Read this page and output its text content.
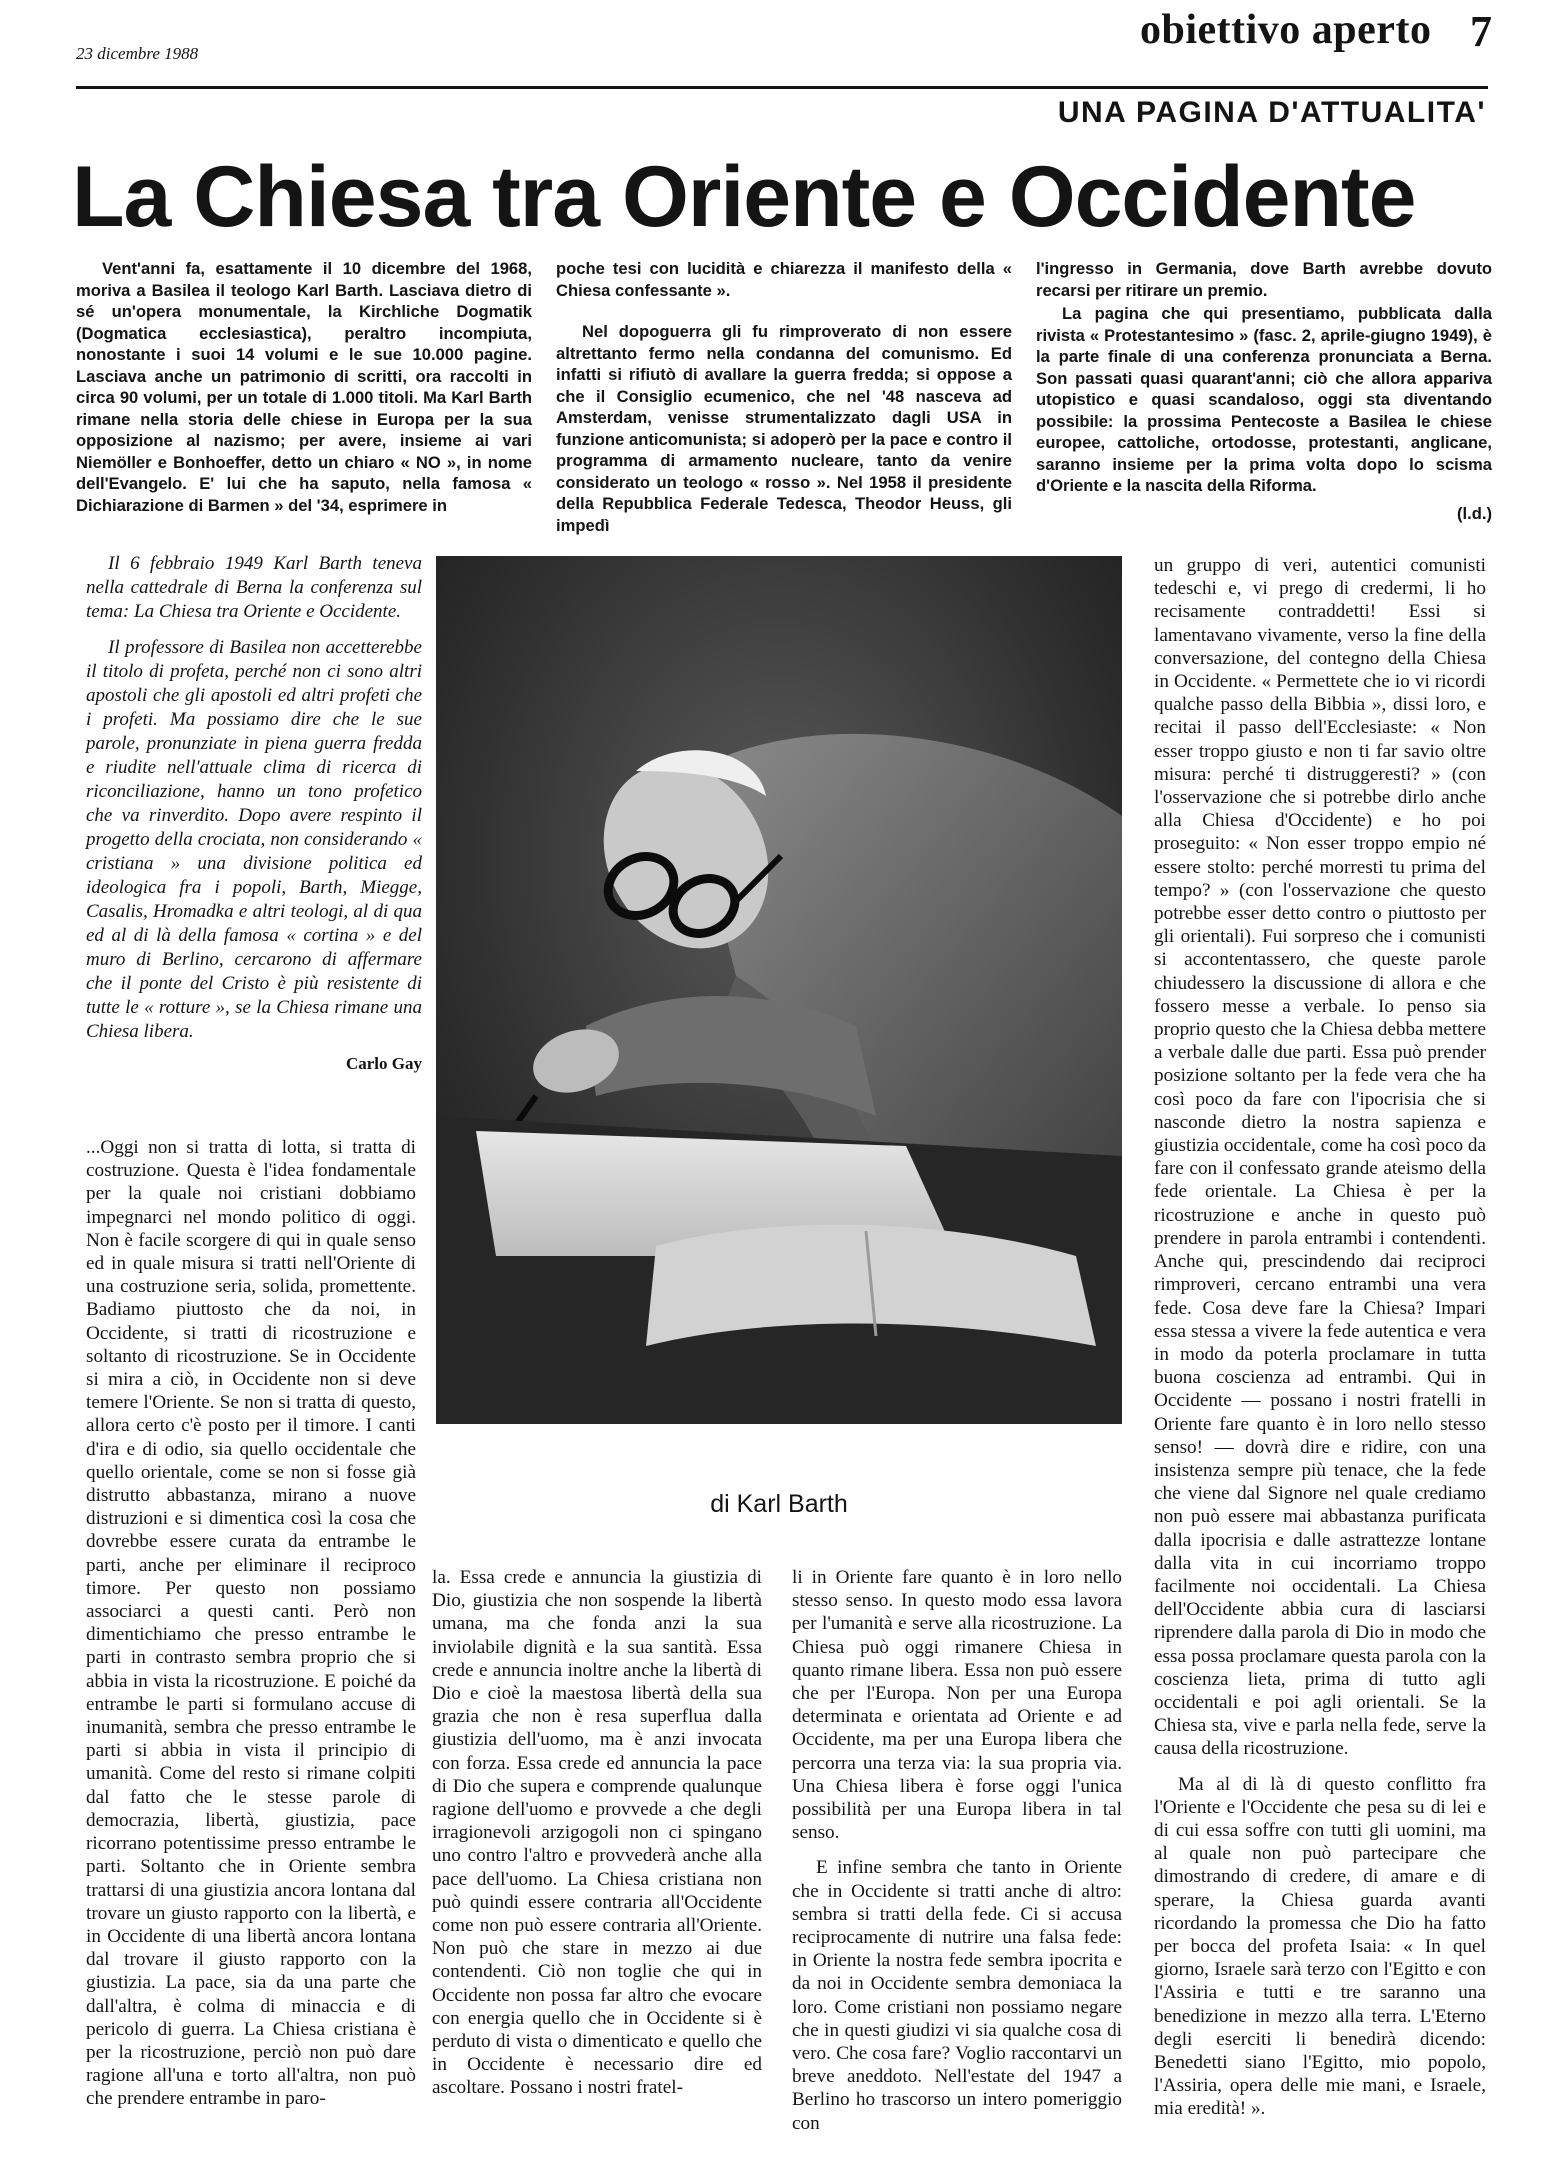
23 dicembre 1988
obiettivo aperto 7
UNA PAGINA D'ATTUALITA'
La Chiesa tra Oriente e Occidente

Vent'anni fa, esattamente il 10 dicembre del 1968, moriva a Basilea il teologo Karl Barth. Lasciava dietro di sé un'opera monumentale, la Kirchliche Dogmatik (Dogmatica ecclesiastica), peraltro incompiuta, nonostante i suoi 14 volumi e le sue 10.000 pagine. Lasciava anche un patrimonio di scritti, ora raccolti in circa 90 volumi, per un totale di 1.000 titoli. Ma Karl Barth rimane nella storia delle chiese in Europa per la sua opposizione al nazismo; per avere, insieme ai vari Niemöller e Bonhoeffer, detto un chiaro « NO », in nome dell'Evangelo. E' lui che ha saputo, nella famosa « Dichiarazione di Barmen » del '34, esprimere in

poche tesi con lucidità e chiarezza il manifesto della « Chiesa confessante ».

Nel dopoguerra gli fu rimproverato di non essere altrettanto fermo nella condanna del comunismo. Ed infatti si rifiutò di avallare la guerra fredda; si oppose a che il Consiglio ecumenico, che nel '48 nasceva ad Amsterdam, venisse strumentalizzato dagli USA in funzione anticomunista; si adoperò per la pace e contro il programma di armamento nucleare, tanto da venire considerato un teologo « rosso ». Nel 1958 il presidente della Repubblica Federale Tedesca, Theodor Heuss, gli impedì

l'ingresso in Germania, dove Barth avrebbe dovuto recarsi per ritirare un premio.

La pagina che qui presentiamo, pubblicata dalla rivista « Protestantesimo » (fasc. 2, aprile-giugno 1949), è la parte finale di una conferenza pronunciata a Berna. Son passati quasi quarant'anni; ciò che allora appariva utopistico e quasi scandaloso, oggi sta diventando possibile: la prossima Pentecoste a Basilea le chiese europee, cattoliche, ortodosse, protestanti, anglicane, saranno insieme per la prima volta dopo lo scisma d'Oriente e la nascita della Riforma.

(l.d.)

Il 6 febbraio 1949 Karl Barth teneva nella cattedrale di Berna la conferenza sul tema: La Chiesa tra Oriente e Occidente.

Il professore di Basilea non accetterebbe il titolo di profeta, perché non ci sono altri apostoli che gli apostoli ed altri profeti che i profeti. Ma possiamo dire che le sue parole, pronunziate in piena guerra fredda e riudite nell'attuale clima di ricerca di riconciliazione, hanno un tono profetico che va rinverdito. Dopo avere respinto il progetto della crociata, non considerando « cristiana » una divisione politica ed ideologica fra i popoli, Barth, Miegge, Casalis, Hromadka e altri teologi, al di qua ed al di là della famosa « cortina » e del muro di Berlino, cercarono di affermare che il ponte del Cristo è più resistente di tutte le « rotture », se la Chiesa rimane una Chiesa libera.

Carlo Gay
di Karl Barth

...Oggi non si tratta di lotta, si tratta di costruzione. Questa è l'idea fondamentale per la quale noi cristiani dobbiamo impegnarci nel mondo politico di oggi. Non è facile scorgere di qui in quale senso ed in quale misura si tratti nell'Oriente di una costruzione seria, solida, promettente. Badiamo piuttosto che da noi, in Occidente, si tratti di ricostruzione e soltanto di ricostruzione. Se in Occidente si mira a ciò, in Occidente non si deve temere l'Oriente. Se non si tratta di questo, allora certo c'è posto per il timore. I canti d'ira e di odio, sia quello occidentale che quello orientale, come se non si fosse già distrutto abbastanza, mirano a nuove distruzioni e si dimentica così la cosa che dovrebbe essere curata da entrambe le parti, anche per eliminare il reciproco timore. Per questo non possiamo associarci a questi canti. Però non dimentichiamo che presso entrambe le parti in contrasto sembra proprio che si abbia in vista la ricostruzione. E poiché da entrambe le parti si formulano accuse di inumanità, sembra che presso entrambe le parti si abbia in vista il principio di umanità. Come del resto si rimane colpiti dal fatto che le stesse parole di democrazia, libertà, giustizia, pace ricorrano potentissime presso entrambe le parti. Soltanto che in Oriente sembra trattarsi di una giustizia ancora lontana dal trovare un giusto rapporto con la libertà, e in Occidente di una libertà ancora lontana dal trovare il giusto rapporto con la giustizia. La pace, sia da una parte che dall'altra, è colma di minaccia e di pericolo di guerra. La Chiesa cristiana è per la ricostruzione, perciò non può dare ragione all'una e torto all'altra, non può che prendere entrambe in paro-

la. Essa crede e annuncia la giustizia di Dio, giustizia che non sospende la libertà umana, ma che fonda anzi la sua inviolabile dignità e la sua santità. Essa crede e annuncia inoltre anche la libertà di Dio e cioè la maestosa libertà della sua grazia che non è resa superflua dalla giustizia dell'uomo, ma è anzi invocata con forza. Essa crede ed annuncia la pace di Dio che supera e comprende qualunque ragione dell'uomo e provvede a che degli irragionevoli arzigogoli non ci spingano uno contro l'altro e provvederà anche alla pace dell'uomo. La Chiesa cristiana non può quindi essere contraria all'Occidente come non può essere contraria all'Oriente. Non può che stare in mezzo ai due contendenti. Ciò non toglie che qui in Occidente non possa far altro che evocare con energia quello che in Occidente si è perduto di vista o dimenticato e quello che in Occidente è necessario dire ed ascoltare. Possano i nostri fratel-

li in Oriente fare quanto è in loro nello stesso senso. In questo modo essa lavora per l'umanità e serve alla ricostruzione. La Chiesa può oggi rimanere Chiesa in quanto rimane libera. Essa non può essere che per l'Europa. Non per una Europa determinata e orientata ad Oriente e ad Occidente, ma per una Europa libera che percorra una terza via: la sua propria via. Una Chiesa libera è forse oggi l'unica possibilità per una Europa libera in tal senso.

E infine sembra che tanto in Oriente che in Occidente si tratti anche di altro: sembra si tratti della fede. Ci si accusa reciprocamente di nutrire una falsa fede: in Oriente la nostra fede sembra ipocrita e da noi in Occidente sembra demoniaca la loro. Come cristiani non possiamo negare che in questi giudizi vi sia qualche cosa di vero. Che cosa fare? Voglio raccontarvi un breve aneddoto. Nell'estate del 1947 a Berlino ho trascorso un intero pomeriggio con

un gruppo di veri, autentici comunisti tedeschi e, vi prego di credermi, li ho recisamente contraddetti! Essi si lamentavano vivamente, verso la fine della conversazione, del contegno della Chiesa in Occidente. « Permettete che io vi ricordi qualche passo della Bibbia », dissi loro, e recitai il passo dell'Ecclesiaste: « Non esser troppo giusto e non ti far savio oltre misura: perché ti distruggeresti? » (con l'osservazione che si potrebbe dirlo anche alla Chiesa d'Occidente) e ho poi proseguito: « Non esser troppo empio né essere stolto: perché morresti tu prima del tempo? » (con l'osservazione che questo potrebbe esser detto contro o piuttosto per gli orientali). Fui sorpreso che i comunisti si accontentassero, che queste parole chiudessero la discussione di allora e che fossero messe a verbale. Io penso sia proprio questo che la Chiesa debba mettere a verbale dalle due parti. Essa può prender posizione soltanto per la fede vera che ha così poco da fare con l'ipocrisia che si nasconde dietro la nostra sapienza e giustizia occidentale, come ha così poco da fare con il confessato grande ateismo della fede orientale. La Chiesa è per la ricostruzione e anche in questo può prendere in parola entrambi i contendenti. Anche qui, prescindendo dai reciproci rimproveri, cercano entrambi una vera fede. Cosa deve fare la Chiesa? Impari essa stessa a vivere la fede autentica e vera in modo da poterla proclamare in tutta buona coscienza ad entrambi. Qui in Occidente — possano i nostri fratelli in Oriente fare quanto è in loro nello stesso senso! — dovrà dire e ridire, con una insistenza sempre più tenace, che la fede che viene dal Signore nel quale crediamo non può essere mai abbastanza purificata dalla ipocrisia e dalle astrattezze lontane dalla vita in cui incorriamo troppo facilmente noi occidentali. La Chiesa dell'Occidente abbia cura di lasciarsi riprendere dalla parola di Dio in modo che essa possa proclamare questa parola con la coscienza lieta, prima di tutto agli occidentali e poi agli orientali. Se la Chiesa sta, vive e parla nella fede, serve la causa della ricostruzione.

Ma al di là di questo conflitto fra l'Oriente e l'Occidente che pesa su di lei e di cui essa soffre con tutti gli uomini, ma al quale non può partecipare che dimostrando di credere, di amare e di sperare, la Chiesa guarda avanti ricordando la promessa che Dio ha fatto per bocca del profeta Isaia: « In quel giorno, Israele sarà terzo con l'Egitto e con l'Assiria e tutti e tre saranno una benedizione in mezzo alla terra. L'Eterno degli eserciti li benedirà dicendo: Benedetti siano l'Egitto, mio popolo, l'Assiria, opera delle mie mani, e Israele, mia eredità! ».
